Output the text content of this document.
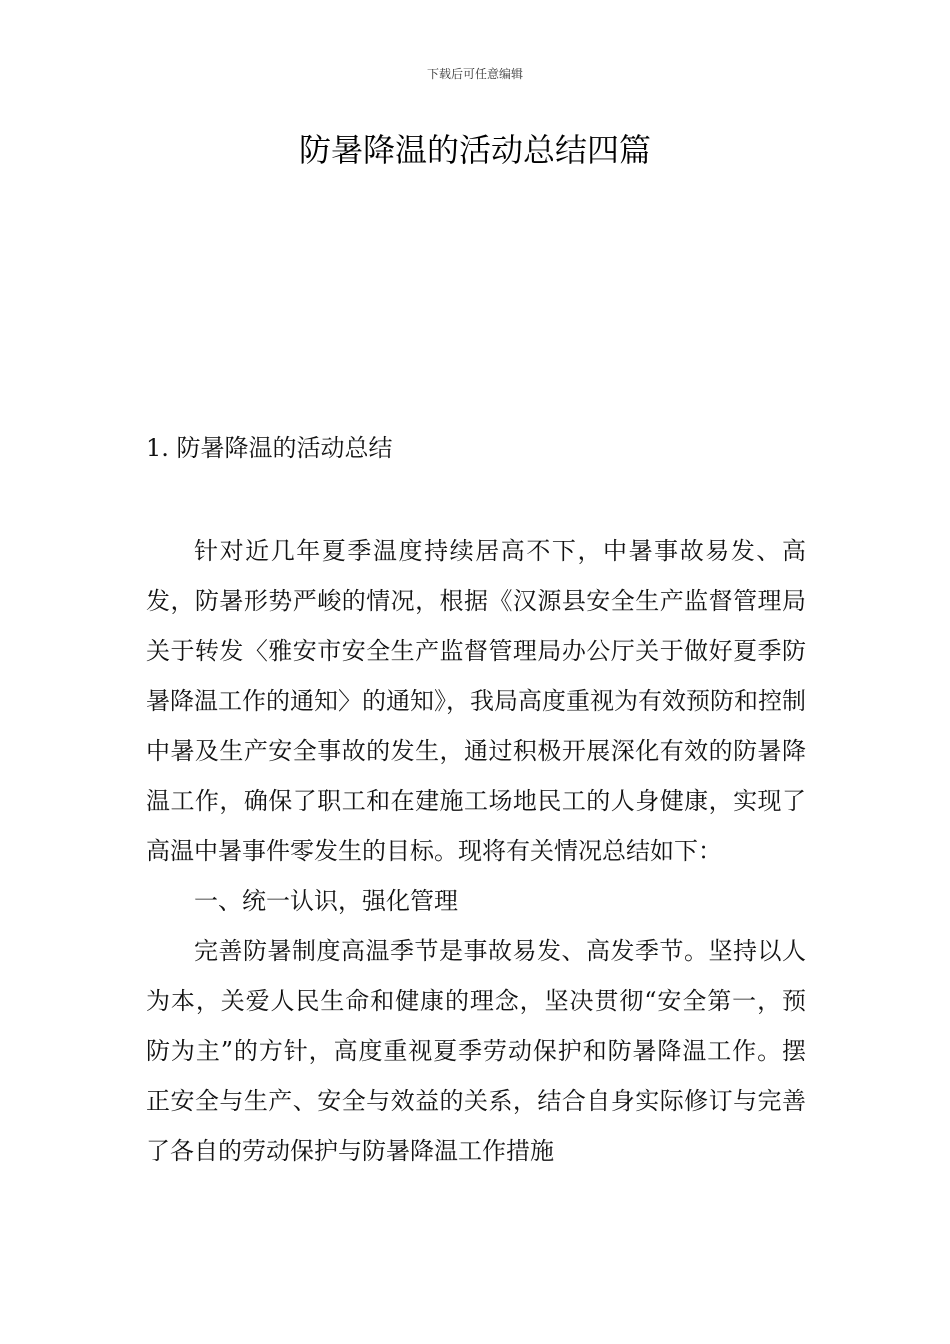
下载后可任意编辑
防暑降温的活动总结四篇
1. 防暑降温的活动总结

针对近几年夏季温度持续居高不下，中暑事故易发、高发，防暑形势严峻的情况，根据《汉源县安全生产监督管理局关于转发〈雅安市安全生产监督管理局办公厅关于做好夏季防暑降温工作的通知〉的通知》，我局高度重视为有效预防和控制中暑及生产安全事故的发生，通过积极开展深化有效的防暑降温工作，确保了职工和在建施工场地民工的人身健康，实现了高温中暑事件零发生的目标。现将有关情况总结如下：

一、统一认识，强化管理

完善防暑制度高温季节是事故易发、高发季节。坚持以人为本，关爱人民生命和健康的理念，坚决贯彻“安全第一，预防为主”的方针，高度重视夏季劳动保护和防暑降温工作。摆正安全与生产、安全与效益的关系，结合自身实际修订与完善了各自的劳动保护与防暑降温工作措施
